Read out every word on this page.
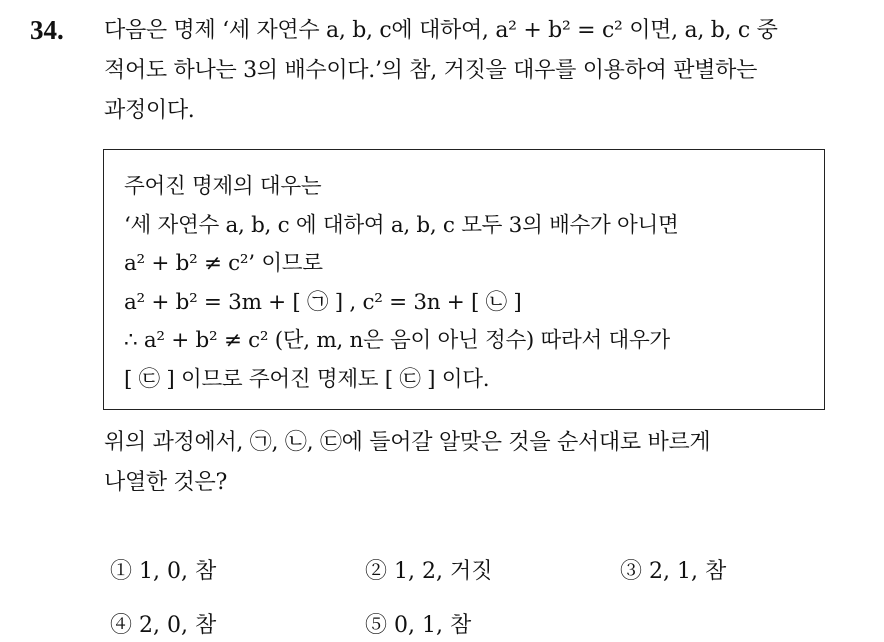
34. 다음은 명제 ‘세 자연수 a, b, c에 대하여, a² + b² = c² 이면, a, b, c 중
적어도 하나는 3의 배수이다.’의 참, 거짓을 대우를 이용하여 판별하는
과정이다.
주어진 명제의 대우는
‘세 자연수 a, b, c 에 대하여 a, b, c 모두 3의 배수가 아니면
a² + b² ≠ c²’ 이므로
a² + b² = 3m + [ ㉠ ] , c² = 3n + [ ㉡ ]
∴ a² + b² ≠ c² (단, m, n은 음이 아닌 정수) 따라서 대우가
[ ㉢ ] 이므로 주어진 명제도 [ ㉢ ] 이다.
위의 과정에서, ㉠, ㉡, ㉢에 들어갈 알맞은 것을 순서대로 바르게
나열한 것은?
① 1, 0, 참	② 1, 2, 거짓	③ 2, 1, 참
④ 2, 0, 참	⑤ 0, 1, 참
